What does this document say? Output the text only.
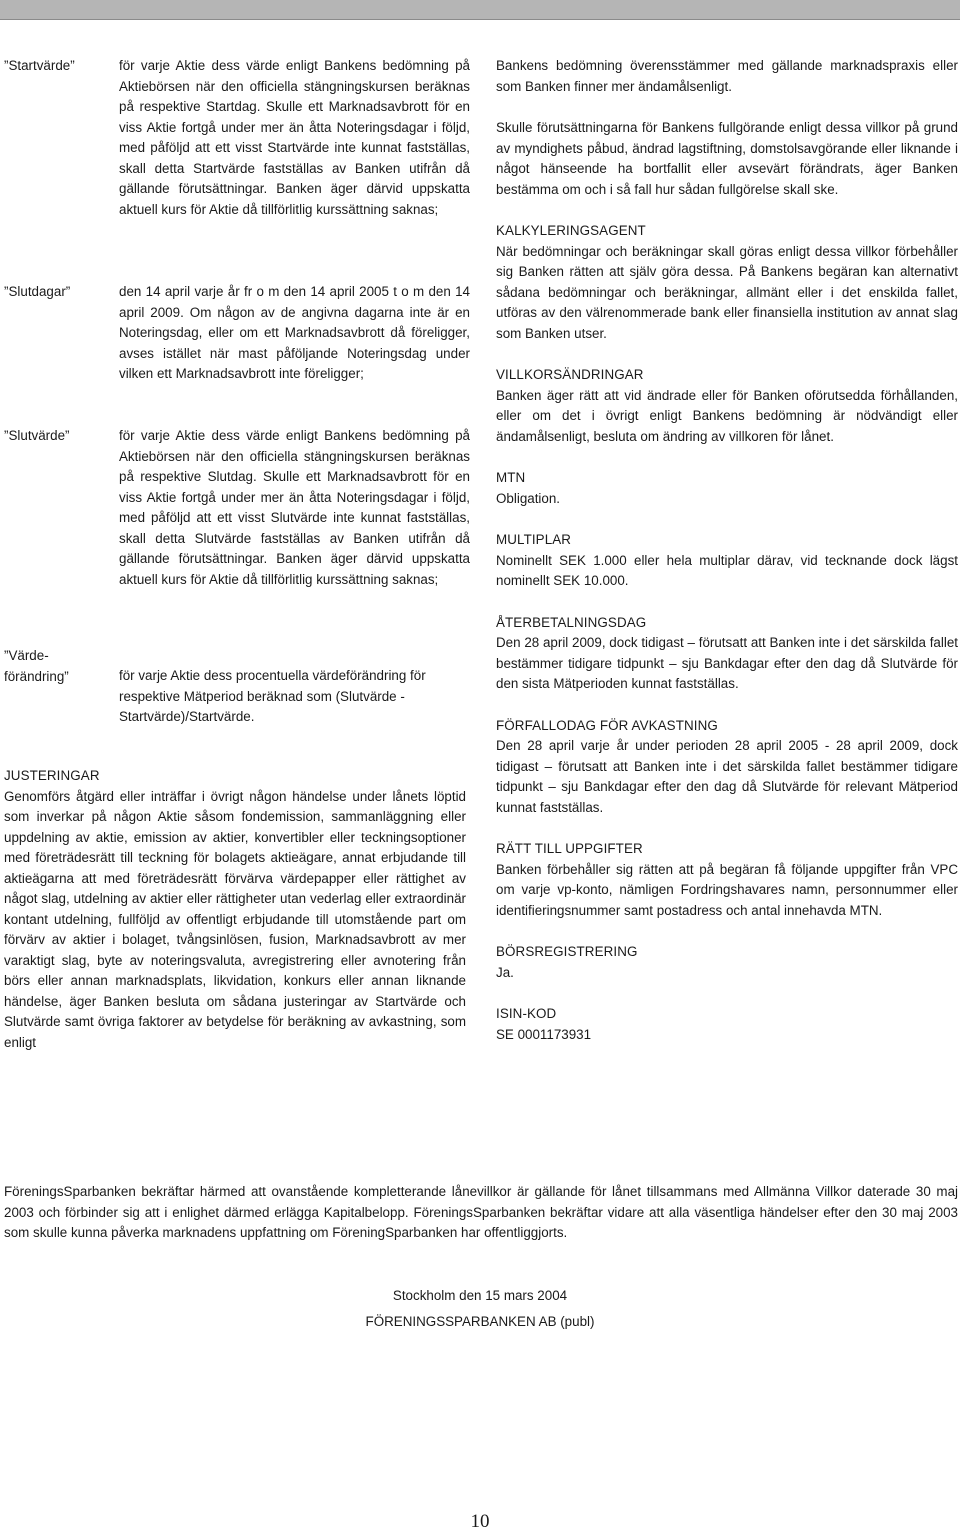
”Startvärde”	för varje Aktie dess värde enligt Bankens bedömning på Aktiebörsen när den officiella stängningskursen beräknas på respektive Startdag. Skulle ett Marknadsavbrott för en viss Aktie fortgå under mer än åtta Noteringsdagar i följd, med påföljd att ett visst Startvärde inte kunnat fastställas, skall detta Startvärde fastställas av Banken utifrån då gällande förutsättningar. Banken äger därvid uppskatta aktuell kurs för Aktie då tillförlitlig kurssättning saknas;
”Slutdagar”	den 14 april varje år fr o m den 14 april 2005 t o m den 14 april 2009. Om någon av de angivna dagarna inte är en Noteringsdag, eller om ett Marknadsavbrott då föreligger, avses istället när mast påföljande Noteringsdag under vilken ett Marknadsavbrott inte föreligger;
”Slutvärde”	för varje Aktie dess värde enligt Bankens bedömning på Aktiebörsen när den officiella stängningskursen beräknas på respektive Slutdag. Skulle ett Marknadsavbrott för en viss Aktie fortgå under mer än åtta Noteringsdagar i följd, med påföljd att ett visst Slutvärde inte kunnat fastställas, skall detta Slutvärde fastställas av Banken utifrån då gällande förutsättningar. Banken äger därvid uppskatta aktuell kurs för Aktie då tillförlitlig kurssättning saknas;
”Värde-
förändring”	för varje Aktie dess procentuella värdeförändring för respektive Mätperiod beräknad som (Slutvärde - Startvärde)/Startvärde.
JUSTERINGAR

Genomförs åtgärd eller inträffar i övrigt någon händelse under lånets löptid som inverkar på någon Aktie såsom fondemission, sammanläggning eller uppdelning av aktie, emission av aktier, konvertibler eller teckningsoptioner med företrädesrätt till teckning för bolagets aktieägare, annat erbjudande till aktieägarna att med företrädesrätt förvärva värdepapper eller rättighet av något slag, utdelning av aktier eller rättigheter utan vederlag eller extraordinär kontant utdelning, fullföljd av offentligt erbjudande till utomstående part om förvärv av aktier i bolaget, tvångsinlösen, fusion, Marknadsavbrott av mer varaktigt slag, byte av noteringsvaluta, avregistrering eller avnotering från börs eller annan marknadsplats, likvidation, konkurs eller annan liknande händelse, äger Banken besluta om sådana justeringar av Startvärde och Slutvärde samt övriga faktorer av betydelse för beräkning av avkastning, som enligt

Bankens bedömning överensstämmer med gällande marknadspraxis eller som Banken finner mer ändamålsenligt.

Skulle förutsättningarna för Bankens fullgörande enligt dessa villkor på grund av myndighets påbud, ändrad lagstiftning, domstolsavgörande eller liknande i något hänseende ha bortfallit eller avsevärt förändrats, äger Banken bestämma om och i så fall hur sådan fullgörelse skall ske.

KALKYLERINGSAGENT

När bedömningar och beräkningar skall göras enligt dessa villkor förbehåller sig Banken rätten att själv göra dessa. På Bankens begäran kan alternativt sådana bedömningar och beräkningar, allmänt eller i det enskilda fallet, utföras av den välrenommerade bank eller finansiella institution av annat slag som Banken utser.

VILLKORSÄNDRINGAR

Banken äger rätt att vid ändrade eller för Banken oförutsedda förhållanden, eller om det i övrigt enligt Bankens bedömning är nödvändigt eller ändamålsenligt, besluta om ändring av villkoren för lånet.

MTN

Obligation.

MULTIPLAR

Nominellt SEK 1.000 eller hela multiplar därav, vid tecknande dock lägst nominellt SEK 10.000.

ÅTERBETALNINGSDAG

Den 28 april 2009, dock tidigast – förutsatt att Banken inte i det särskilda fallet bestämmer tidigare tidpunkt – sju Bankdagar efter den dag då Slutvärde för den sista Mätperioden kunnat fastställas.

FÖRFALLODAG FÖR AVKASTNING

Den 28 april varje år under perioden 28 april 2005 - 28 april 2009, dock tidigast – förutsatt att Banken inte i det särskilda fallet bestämmer tidigare tidpunkt – sju Bankdagar efter den dag då Slutvärde för relevant Mätperiod kunnat fastställas.

RÄTT TILL UPPGIFTER

Banken förbehåller sig rätten att på begäran få följande uppgifter från VPC om varje vp-konto, nämligen Fordringshavares namn, personnummer eller identifieringsnummer samt postadress och antal innehavda MTN.

BÖRSREGISTRERING

Ja.

ISIN-KOD

SE 0001173931

FöreningsSparbanken bekräftar härmed att ovanstående kompletterande lånevillkor är gällande för lånet tillsammans med Allmänna Villkor daterade 30 maj 2003 och förbinder sig att i enlighet därmed erlägga Kapitalbelopp. FöreningsSparbanken bekräftar vidare att alla väsentliga händelser efter den 30 maj 2003 som skulle kunna påverka marknadens uppfattning om FöreningSparbanken har offentliggjorts.
Stockholm den 15 mars 2004
FÖRENINGSSPARBANKEN AB (publ)
10
